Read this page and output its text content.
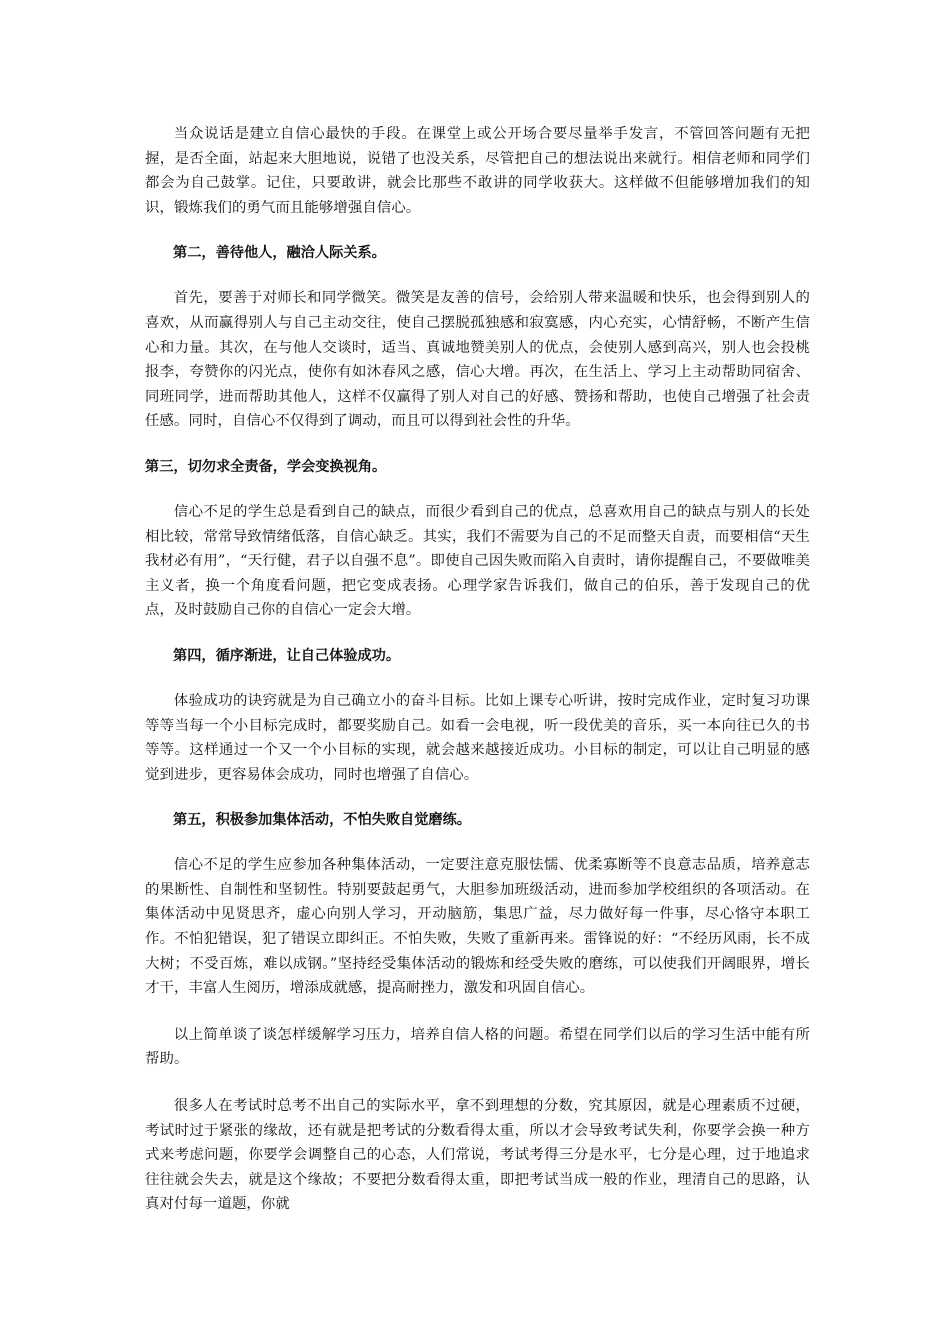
当众说话是建立自信心最快的手段。在课堂上或公开场合要尽量举手发言，不管回答问题有无把握，是否全面，站起来大胆地说，说错了也没关系，尽管把自己的想法说出来就行。相信老师和同学们都会为自己鼓掌。记住，只要敢讲，就会比那些不敢讲的同学收获大。这样做不但能够增加我们的知识，锻炼我们的勇气而且能够增强自信心。

第二，善待他人，融洽人际关系。

首先，要善于对师长和同学微笑。微笑是友善的信号，会给别人带来温暖和快乐，也会得到别人的喜欢，从而赢得别人与自己主动交往，使自己摆脱孤独感和寂寞感，内心充实，心情舒畅，不断产生信心和力量。其次，在与他人交谈时，适当、真诚地赞美别人的优点，会使别人感到高兴，别人也会投桃报李，夸赞你的闪光点，使你有如沐春风之感，信心大增。再次，在生活上、学习上主动帮助同宿舍、同班同学，进而帮助其他人，这样不仅赢得了别人对自己的好感、赞扬和帮助，也使自己增强了社会责任感。同时，自信心不仅得到了调动，而且可以得到社会性的升华。

第三，切勿求全责备，学会变换视角。

信心不足的学生总是看到自己的缺点，而很少看到自己的优点，总喜欢用自己的缺点与别人的长处相比较，常常导致情绪低落，自信心缺乏。其实，我们不需要为自己的不足而整天自责，而要相信“天生我材必有用”，“天行健，君子以自强不息”。即使自己因失败而陷入自责时，请你提醒自己，不要做唯美主义者，换一个角度看问题，把它变成表扬。心理学家告诉我们，做自己的伯乐，善于发现自己的优点，及时鼓励自己你的自信心一定会大增。

第四，循序渐进，让自己体验成功。

体验成功的诀窍就是为自己确立小的奋斗目标。比如上课专心听讲，按时完成作业，定时复习功课等等当每一个小目标完成时，都要奖励自己。如看一会电视，听一段优美的音乐，买一本向往已久的书等等。这样通过一个又一个小目标的实现，就会越来越接近成功。小目标的制定，可以让自己明显的感觉到进步，更容易体会成功，同时也增强了自信心。

第五，积极参加集体活动，不怕失败自觉磨练。

信心不足的学生应参加各种集体活动，一定要注意克服怯懦、优柔寡断等不良意志品质，培养意志的果断性、自制性和坚韧性。特别要鼓起勇气，大胆参加班级活动，进而参加学校组织的各项活动。在集体活动中见贤思齐，虚心向别人学习，开动脑筋，集思广益，尽力做好每一件事，尽心恪守本职工作。不怕犯错误，犯了错误立即纠正。不怕失败，失败了重新再来。雷锋说的好：“不经历风雨，长不成大树；不受百炼，难以成钢。”坚持经受集体活动的锻炼和经受失败的磨练，可以使我们开阔眼界，增长才干，丰富人生阅历，增添成就感，提高耐挫力，激发和巩固自信心。

以上简单谈了谈怎样缓解学习压力，培养自信人格的问题。希望在同学们以后的学习生活中能有所帮助。

很多人在考试时总考不出自己的实际水平，拿不到理想的分数，究其原因，就是心理素质不过硬，考试时过于紧张的缘故，还有就是把考试的分数看得太重，所以才会导致考试失利，你要学会换一种方式来考虑问题，你要学会调整自己的心态，人们常说，考试考得三分是水平，七分是心理，过于地追求往往就会失去，就是这个缘故；不要把分数看得太重，即把考试当成一般的作业，理清自己的思路，认真对付每一道题，你就
